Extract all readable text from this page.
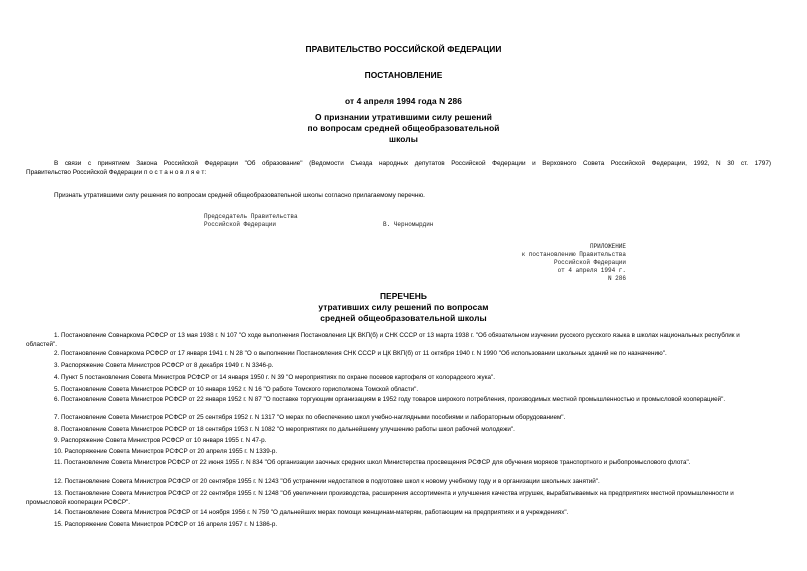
ПРАВИТЕЛЬСТВО РОССИЙСКОЙ ФЕДЕРАЦИИ
ПОСТАНОВЛЕНИЕ
от 4 апреля 1994 года N 286
О признании утратившими силу решений
по вопросам средней общеобразовательной
школы
В связи с принятием Закона Российской Федерации "Об образование" (Ведомости Съезда народных депутатов Российской Федерации и Верховного Совета Российской Федерации, 1992, N 30 ст. 1797)
Правительство Российской Федерации п о с т а н о в л я е т:
Признать утратившими силу решения по вопросам средней общеобразовательной школы согласно прилагаемому перечню.
Председатель Правительства
Российской Федерации	В. Черномырдин
ПРИЛОЖЕНИЕ
к постановлению Правительства
Российской Федерации
от 4 апреля 1994 г.
N 286
ПЕРЕЧЕНЬ
утративших силу решений по вопросам
средней общеобразовательной школы
1. Постановление Совнаркома РСФСР от 13 мая 1938 г. N 107 "О ходе выполнения Постановления ЦК ВКП(б) и СНК СССР от 13 марта 1938 г. "Об обязательном изучении русского русского языка в школах национальных республик и областей".
2. Постановление Совнаркома РСФСР от 17 января 1941 г. N 28 "О о выполнении Постановления СНК СССР и ЦК ВКП(б) от 11 октября 1940 г. N 1990 "Об использовании школьных зданий не по назначению".
3. Распоряжение Совета Министров РСФСР от 8 декабря 1949 г. N 3346-р.
4. Пункт 5 постановления Совета Министров РСФСР от 14 января 1950 г. N 39 "О мероприятиях по охране посевов картофеля от колорадского жука".
5. Постановление Совета Министров РСФСР от 10 января 1952 г. N 16 "О работе Томского горисполкома Томской области".
6. Постановление Совета Министров РСФСР от 22 января 1952 г. N 87 "О поставке торгующим организациям в 1952 году товаров широкого потребления, производимых местной промышленностью и промысловой кооперацией".
7. Постановление Совета Министров РСФСР от 25 сентября 1952 г. N 1317 "О мерах по обеспечению школ учебно-наглядными пособиями и лабораторным оборудованием".
8. Постановление Совета Министров РСФСР от 18 сентября 1953 г. N 1082 "О мероприятиях по дальнейшему улучшению работы школ рабочей молодежи".
9. Распоряжение Совета Министров РСФСР от 10 января 1955 г. N 47-р.
10. Распоряжение Совета Министров РСФСР от 20 апреля 1955 г. N 1339-р.
11. Постановление Совета Министров РСФСР от 22 июня 1955 г. N 834 "Об организации заочных средних школ Министерства просвещения РСФСР для обучения моряков транспортного и рыбопромыслового флота".
12. Постановление Совета Министров РСФСР от 20 сентября 1955 г. N 1243 "Об устранении недостатков в подготовке школ к новому учебному году и в организации школьных занятий".
13. Постановление Совета Министров РСФСР от 22 сентября 1955 г. N 1248 "Об увеличении производства, расширения ассортимента и улучшения качества игрушек, вырабатываемых на предприятиях местной промышленности и промысловой кооперации РСФСР".
14. Постановление Совета Министров РСФСР от 14 ноября 1956 г. N 759 "О дальнейших мерах помощи женщинам-матерям, работающим на предприятиях и в учреждениях".
15. Распоряжение Совета Министров РСФСР от 16 апреля 1957 г. N 1386-р.
